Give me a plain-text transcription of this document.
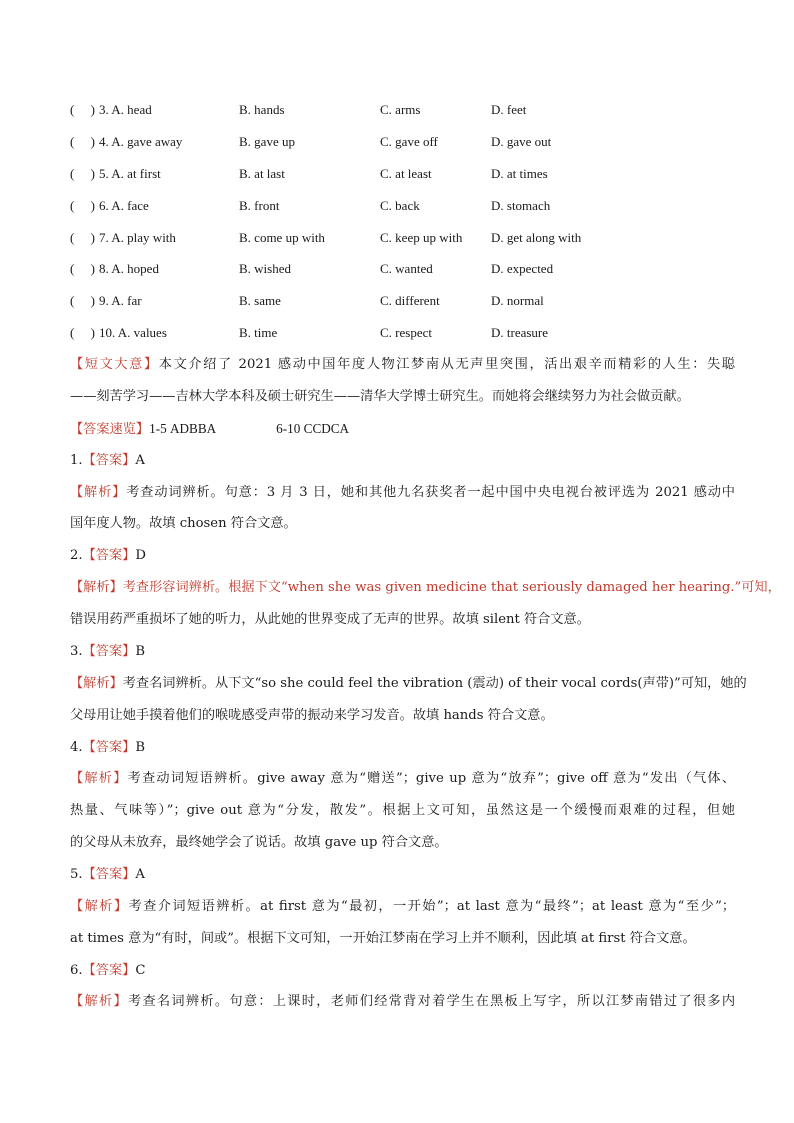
(　 ) 3. A. head	B. hands	C. arms	D. feet
(　 ) 4. A. gave away	B. gave up	C. gave off	D. gave out
(　 ) 5. A. at first	B. at last	C. at least	D. at times
(　 ) 6. A. face	B. front	C. back	D. stomach
(　 ) 7. A. play with	B. come up with	C. keep up with D. get along with
(　 ) 8. A. hoped	B. wished	C. wanted	D. expected
(　 ) 9. A. far	B. same	C. different	D. normal
(　 ) 10. A. values	B. time	C. respect	D. treasure
【短文大意】本文介绍了 2021 感动中国年度人物江梦南从无声里突围，活出艰辛而精彩的人生：失聪
——刻苦学习——吉林大学本科及硕士研究生——清华大学博士研究生。而她将会继续努力为社会做贡献。
【答案速览】1-5 ADBBA	6-10 CCDCA
1.【答案】A
【解析】考查动词辨析。句意：3 月 3 日，她和其他九名获奖者一起中国中央电视台被评选为 2021 感动中
国年度人物。故填 chosen 符合文意。
2.【答案】D
【解析】考查形容词辨析。根据下文“when she was given medicine that seriously damaged her hearing.”可知，
错误用药严重损坏了她的听力，从此她的世界变成了无声的世界。故填 silent 符合文意。
3.【答案】B
【解析】考查名词辨析。从下文“so she could feel the vibration (震动) of their vocal cords(声带)”可知，她的
父母用让她手摸着他们的喉咙感受声带的振动来学习发音。故填 hands 符合文意。
4.【答案】B
【解析】考查动词短语辨析。give away 意为“赠送”；give up 意为“放弃”；give off 意为“发出（气体、
热量、气味等）”；give out 意为“分发，散发”。根据上文可知，虽然这是一个缓慢而艰难的过程，但她
的父母从未放弃，最终她学会了说话。故填 gave up 符合文意。
5.【答案】A
【解析】考查介词短语辨析。at first 意为“最初，一开始”；at last 意为“最终”；at least 意为“至少”；
at times 意为“有时，间或”。根据下文可知，一开始江梦南在学习上并不顺利，因此填 at first 符合文意。
6.【答案】C
【解析】考查名词辨析。句意：上课时，老师们经常背对着学生在黑板上写字，所以江梦南错过了很多内
